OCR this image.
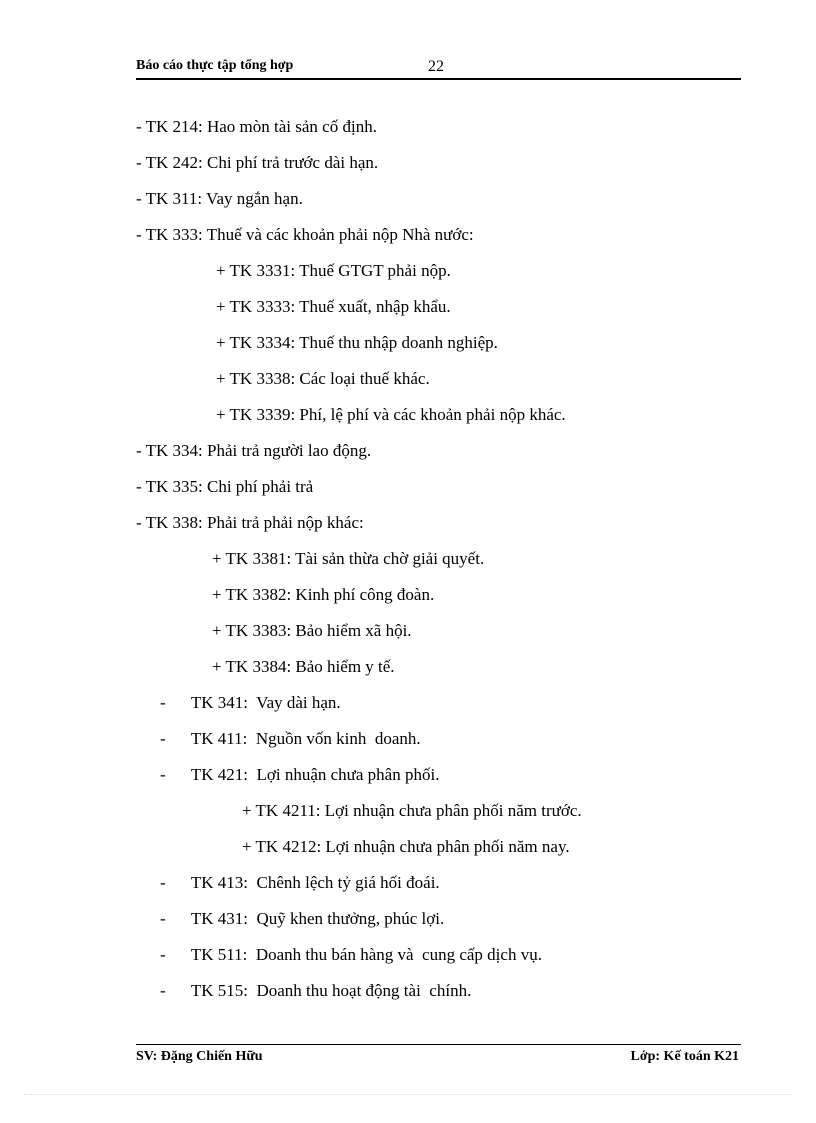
Báo cáo thực tập tổng hợp	22
- TK 214: Hao mòn tài sản cố định.
- TK 242: Chi phí trả trước dài hạn.
- TK 311: Vay ngắn hạn.
- TK 333: Thuế và các khoản phải nộp Nhà nước:
+ TK 3331: Thuế GTGT phải nộp.
+ TK 3333: Thuế xuất, nhập khẩu.
+ TK 3334: Thuế thu nhập doanh nghiệp.
+ TK 3338: Các loại thuế khác.
+ TK 3339: Phí, lệ phí và các khoản phải nộp khác.
- TK 334: Phải trả người lao động.
- TK 335: Chi phí phải trả
- TK 338: Phải trả phải nộp khác:
+ TK 3381: Tài sản thừa chờ giải quyết.
+ TK 3382: Kinh phí công đoàn.
+ TK 3383: Bảo hiểm xã hội.
+ TK 3384: Bảo hiểm y tế.
-      TK 341:  Vay dài hạn.
-      TK 411:  Nguồn vốn kinh  doanh.
-      TK 421:  Lợi nhuận chưa phân phối.
+ TK 4211: Lợi nhuận chưa phân phối năm trước.
+ TK 4212: Lợi nhuận chưa phân phối năm nay.
-      TK 413:  Chênh lệch tỷ giá hối đoái.
-      TK 431:  Quỹ khen thưởng, phúc lợi.
-      TK 511:  Doanh thu bán hàng và  cung cấp dịch vụ.
-      TK 515:  Doanh thu hoạt động tài  chính.
SV: Đặng Chiến Hữu	Lớp: Kế toán K21
